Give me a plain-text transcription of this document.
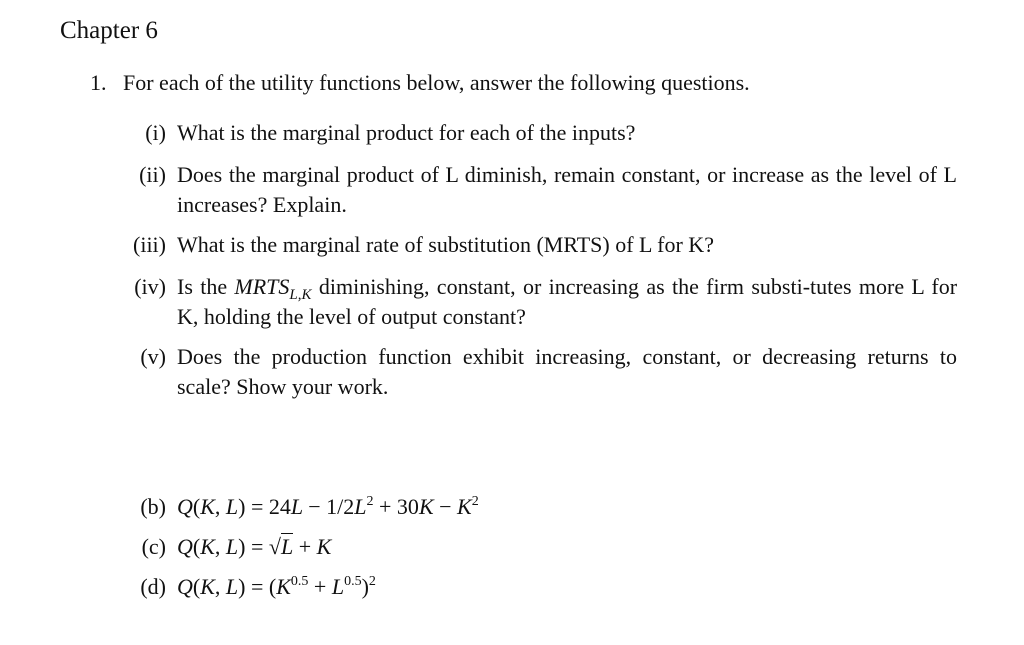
Chapter 6
1. For each of the utility functions below, answer the following questions.
(i) What is the marginal product for each of the inputs?
(ii) Does the marginal product of L diminish, remain constant, or increase as the level of L increases? Explain.
(iii) What is the marginal rate of substitution (MRTS) of L for K?
(iv) Is the $MRTS_{L,K}$ diminishing, constant, or increasing as the firm substi-tutes more L for K, holding the level of output constant?
(v) Does the production function exhibit increasing, constant, or decreasing returns to scale? Show your work.
(b) Q(K, $L) = 24L - 1/2L^2 + 30K - K^2$
(c) Q(K, L) = √L + K
(d) Q(K, $L) = (K^{0.5} + L^{0.5})^2$
